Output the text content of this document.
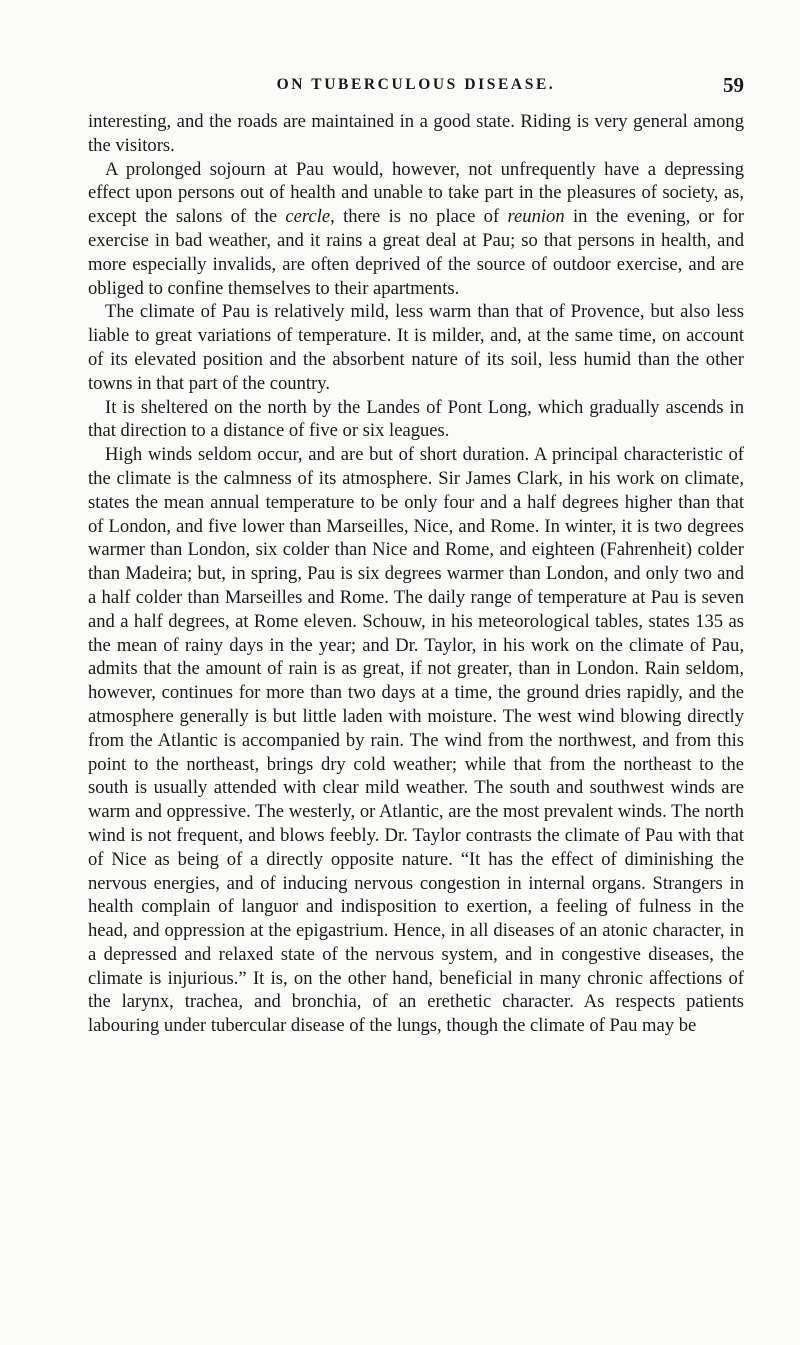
ON TUBERCULOUS DISEASE.	59

interesting, and the roads are maintained in a good state. Riding is very general among the visitors.

A prolonged sojourn at Pau would, however, not unfrequently have a depressing effect upon persons out of health and unable to take part in the pleasures of society, as, except the salons of the cercle, there is no place of reunion in the evening, or for exercise in bad weather, and it rains a great deal at Pau; so that persons in health, and more especially invalids, are often deprived of the source of outdoor exercise, and are obliged to confine themselves to their apartments.

The climate of Pau is relatively mild, less warm than that of Provence, but also less liable to great variations of temperature. It is milder, and, at the same time, on account of its elevated position and the absorbent nature of its soil, less humid than the other towns in that part of the country.

It is sheltered on the north by the Landes of Pont Long, which gradually ascends in that direction to a distance of five or six leagues.

High winds seldom occur, and are but of short duration. A principal characteristic of the climate is the calmness of its atmosphere. Sir James Clark, in his work on climate, states the mean annual temperature to be only four and a half degrees higher than that of London, and five lower than Marseilles, Nice, and Rome. In winter, it is two degrees warmer than London, six colder than Nice and Rome, and eighteen (Fahrenheit) colder than Madeira; but, in spring, Pau is six degrees warmer than London, and only two and a half colder than Marseilles and Rome. The daily range of temperature at Pau is seven and a half degrees, at Rome eleven. Schouw, in his meteorological tables, states 135 as the mean of rainy days in the year; and Dr. Taylor, in his work on the climate of Pau, admits that the amount of rain is as great, if not greater, than in London. Rain seldom, however, continues for more than two days at a time, the ground dries rapidly, and the atmosphere generally is but little laden with moisture. The west wind blowing directly from the Atlantic is accompanied by rain. The wind from the northwest, and from this point to the northeast, brings dry cold weather; while that from the northeast to the south is usually attended with clear mild weather. The south and southwest winds are warm and oppressive. The westerly, or Atlantic, are the most prevalent winds. The north wind is not frequent, and blows feebly. Dr. Taylor contrasts the climate of Pau with that of Nice as being of a directly opposite nature. “It has the effect of diminishing the nervous energies, and of inducing nervous congestion in internal organs. Strangers in health complain of languor and indisposition to exertion, a feeling of fulness in the head, and oppression at the epigastrium. Hence, in all diseases of an atonic character, in a depressed and relaxed state of the nervous system, and in congestive diseases, the climate is injurious.” It is, on the other hand, beneficial in many chronic affections of the larynx, trachea, and bronchia, of an erethetic character. As respects patients labouring under tubercular disease of the lungs, though the climate of Pau may be
